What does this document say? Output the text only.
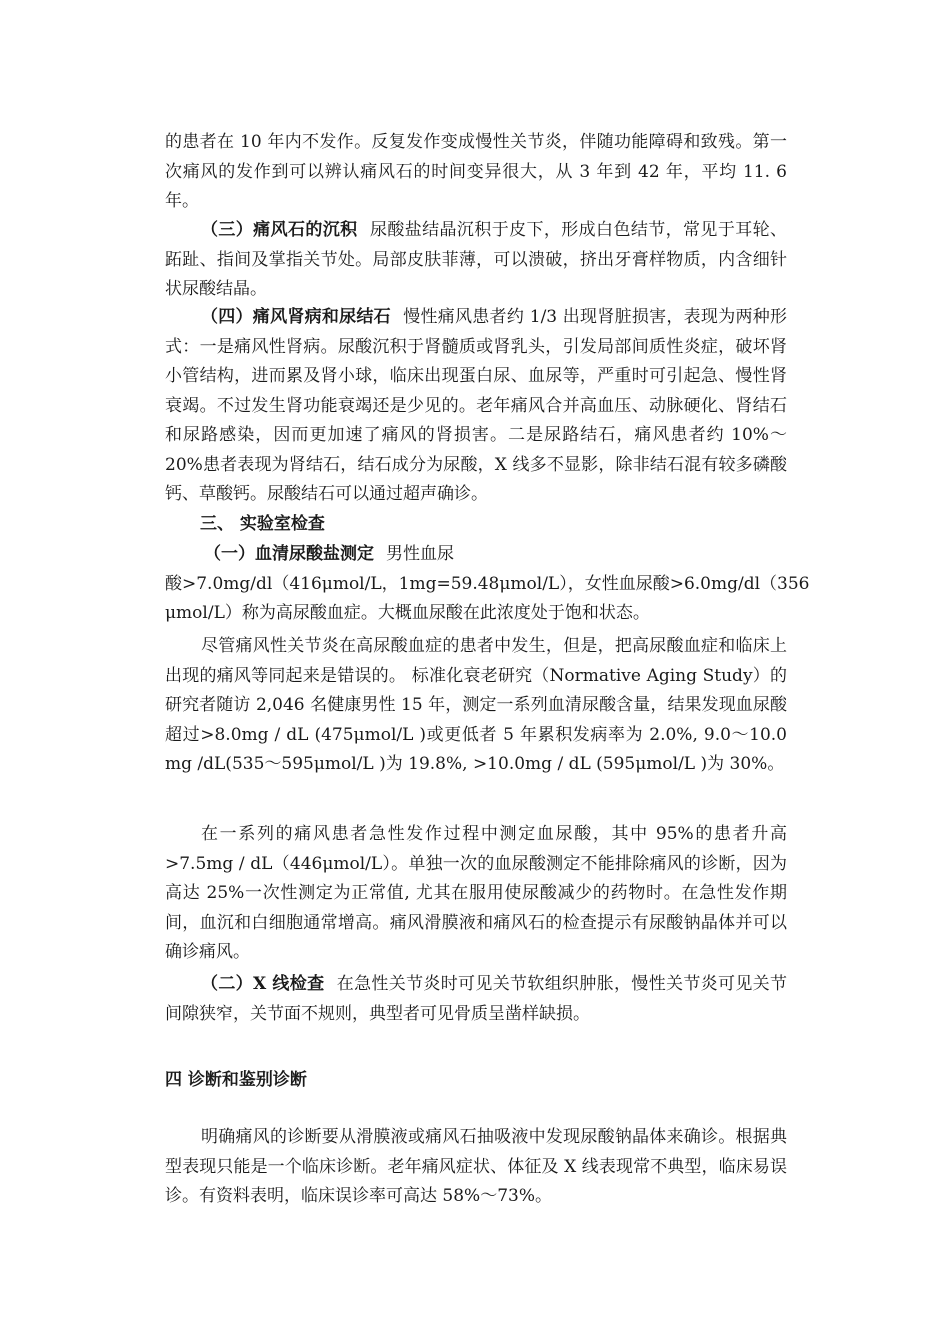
的患者在 10 年内不发作。反复发作变成慢性关节炎，伴随功能障碍和致残。第一次痛风的发作到可以辨认痛风石的时间变异很大，从 3 年到 42 年，平均 11. 6 年。

（三）痛风石的沉积 尿酸盐结晶沉积于皮下，形成白色结节，常见于耳轮、跖趾、指间及掌指关节处。局部皮肤菲薄，可以溃破，挤出牙膏样物质，内含细针状尿酸结晶。

（四）痛风肾病和尿结石 慢性痛风患者约 1/3 出现肾脏损害，表现为两种形式：一是痛风性肾病。尿酸沉积于肾髓质或肾乳头，引发局部间质性炎症，破坏肾小管结构，进而累及肾小球，临床出现蛋白尿、血尿等，严重时可引起急、慢性肾衰竭。不过发生肾功能衰竭还是少见的。老年痛风合并高血压、动脉硬化、肾结石和尿路感染，因而更加速了痛风的肾损害。二是尿路结石，痛风患者约 10%～20%患者表现为肾结石，结石成分为尿酸，X 线多不显影，除非结石混有较多磷酸钙、草酸钙。尿酸结石可以通过超声确诊。

三、 实验室检查
（一）血清尿酸盐测定 男性血尿
酸>7.0mg/dl（416μmol/L，1mg=59.48μmol/L），女性血尿酸>6.0mg/dl（356
μmol/L）称为高尿酸血症。大概血尿酸在此浓度处于饱和状态。

尽管痛风性关节炎在高尿酸血症的患者中发生，但是，把高尿酸血症和临床上出现的痛风等同起来是错误的。 标准化衰老研究（Normative Aging Study）的研究者随访 2,046 名健康男性 15 年，测定一系列血清尿酸含量，结果发现血尿酸超过>8.0mg / dL (475μmol/L )或更低者 5 年累积发病率为 2.0%, 9.0～10.0 mg /dL(535～595μmol/L )为 19.8%, >10.0mg / dL (595μmol/L )为 30%。

在一系列的痛风患者急性发作过程中测定血尿酸，其中 95%的患者升高>7.5mg / dL（446μmol/L）。单独一次的血尿酸测定不能排除痛风的诊断，因为高达 25%一次性测定为正常值, 尤其在服用使尿酸减少的药物时。在急性发作期间，血沉和白细胞通常增高。痛风滑膜液和痛风石的检查提示有尿酸钠晶体并可以确诊痛风。

（二）X 线检查 在急性关节炎时可见关节软组织肿胀，慢性关节炎可见关节间隙狭窄，关节面不规则，典型者可见骨质呈凿样缺损。

四 诊断和鉴别诊断

明确痛风的诊断要从滑膜液或痛风石抽吸液中发现尿酸钠晶体来确诊。根据典型表现只能是一个临床诊断。老年痛风症状、体征及 X 线表现常不典型，临床易误诊。有资料表明，临床误诊率可高达 58%～73%。
